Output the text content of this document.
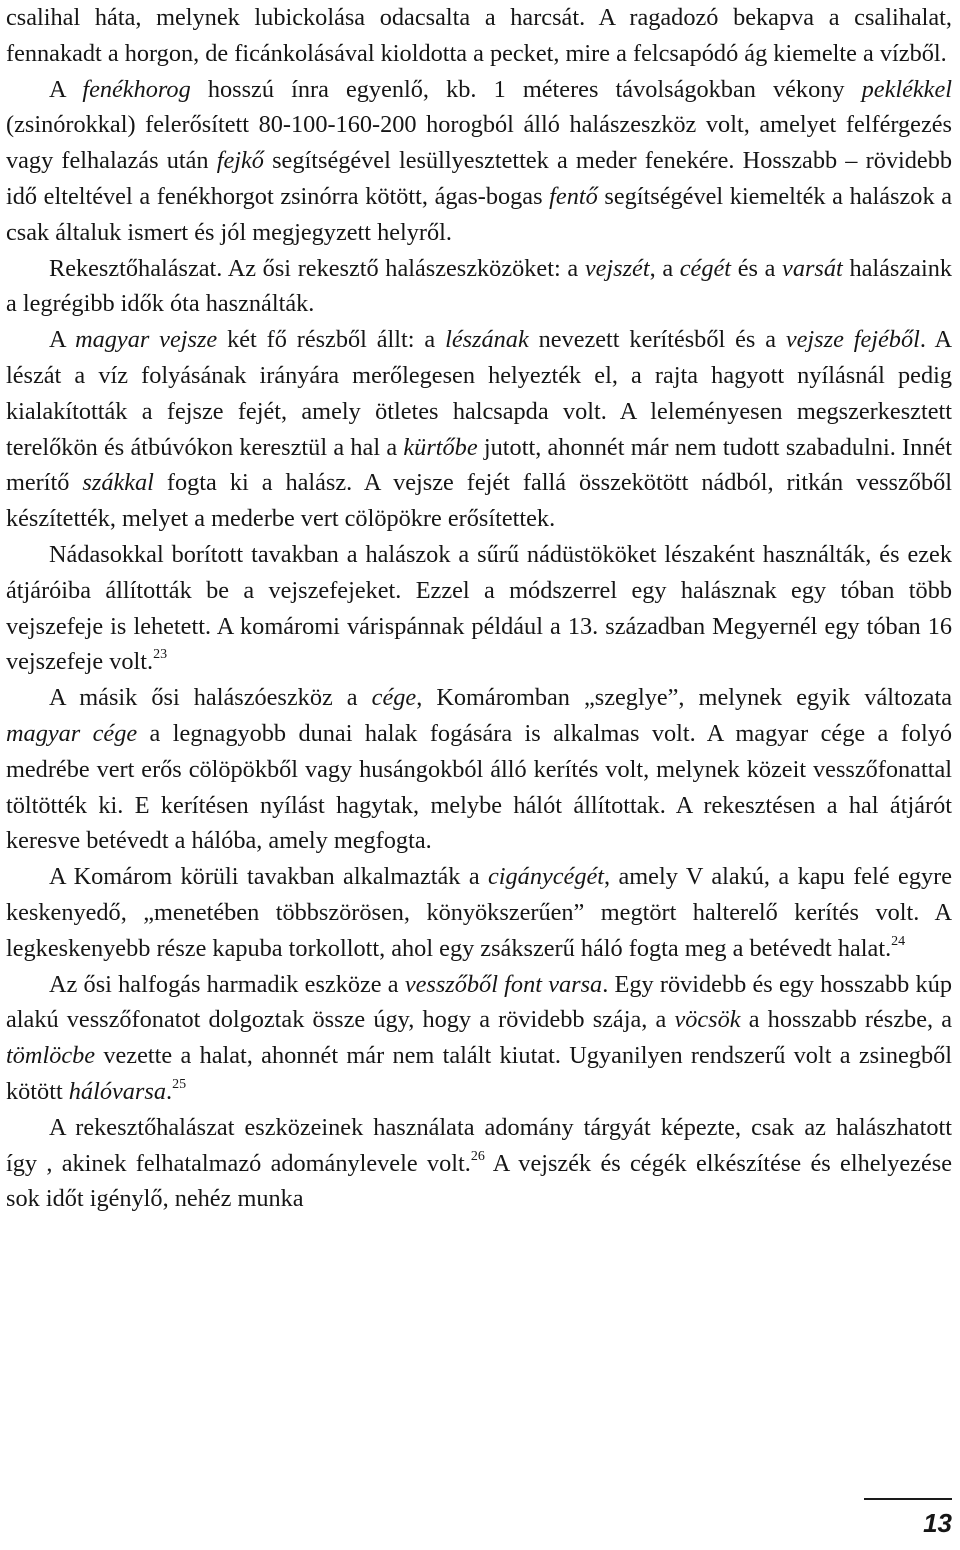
csalihal háta, melynek lubickolása odacsalta a harcsát. A ragadozó bekapva a csalihalat, fennakadt a horgon, de ficánkolásával kioldotta a pecket, mire a felcsapódó ág kiemelte a vízből.

A fenékhorog hosszú ínra egyenlő, kb. 1 méteres távolságokban vékony peklékkel (zsinórokkal) felerősített 80-100-160-200 horogból álló halászeszköz volt, amelyet felférgezés vagy felhalazás után fejkő segítségével lesüllyesztettek a meder fenekére. Hosszabb – rövidebb idő elteltével a fenékhorgot zsinórra kötött, ágas-bogas fentő segítségével kiemelték a halászok a csak általuk ismert és jól megjegyzett helyről.

Rekesztőhalászat. Az ősi rekesztő halászeszközöket: a vejszét, a cégét és a varsát halászaink a legrégibb idők óta használták.

A magyar vejsze két fő részből állt: a lészának nevezett kerítésből és a vejsze fejéből. A lészát a víz folyásának irányára merőlegesen helyezték el, a rajta hagyott nyílásnál pedig kialakították a fejsze fejét, amely ötletes halcsapda volt. A leleményesen megszerkesztett terelőkön és átbúvókon keresztül a hal a kürtőbe jutott, ahonnét már nem tudott szabadulni. Innét merítő szákkal fogta ki a halász. A vejsze fejét fallá összekötött nádból, ritkán vesszőből készítették, melyet a mederbe vert cölöpökre erősítettek.

Nádasokkal borított tavakban a halászok a sűrű nádüstököket lészaként használták, és ezek átjáróiba állították be a vejszefejeket. Ezzel a módszerrel egy halásznak egy tóban több vejszefeje is lehetett. A komáromi várispánnak például a 13. században Megyernél egy tóban 16 vejszefeje volt.$^{23}$

A másik ősi halászóeszköz a cége, Komáromban „szeglye”, melynek egyik változata magyar cége a legnagyobb dunai halak fogására is alkalmas volt. A magyar cége a folyó medrébe vert erős cölöpökből vagy husángokból álló kerítés volt, melynek közeit vesszőfonattal töltötték ki. E kerítésen nyílást hagytak, melybe hálót állítottak. A rekesztésen a hal átjárót keresve betévedt a hálóba, amely megfogta.

A Komárom körüli tavakban alkalmazták a cigánycégét, amely V alakú, a kapu felé egyre keskenyedő, „menetében többszörösen, könyökszerűen” megtört halterelő kerítés volt. A legkeskenyebb része kapuba torkollott, ahol egy zsákszerű háló fogta meg a betévedt halat.$^{24}$

Az ősi halfogás harmadik eszköze a vesszőből font varsa. Egy rövidebb és egy hosszabb kúp alakú vesszőfonatot dolgoztak össze úgy, hogy a rövidebb szája, a vöcsök a hosszabb részbe, a tömlöcbe vezette a halat, ahonnét már nem talált kiutat. Ugyanilyen rendszerű volt a zsinegből kötött hálóvarsa.$^{25}$

A rekesztőhalászat eszközeinek használata adomány tárgyát képezte, csak az halászhatott így , akinek felhatalmazó adománylevele volt.$^{26}$ A vejszék és cégék elkészítése és elhelyezése sok időt igénylő, nehéz munka

13
